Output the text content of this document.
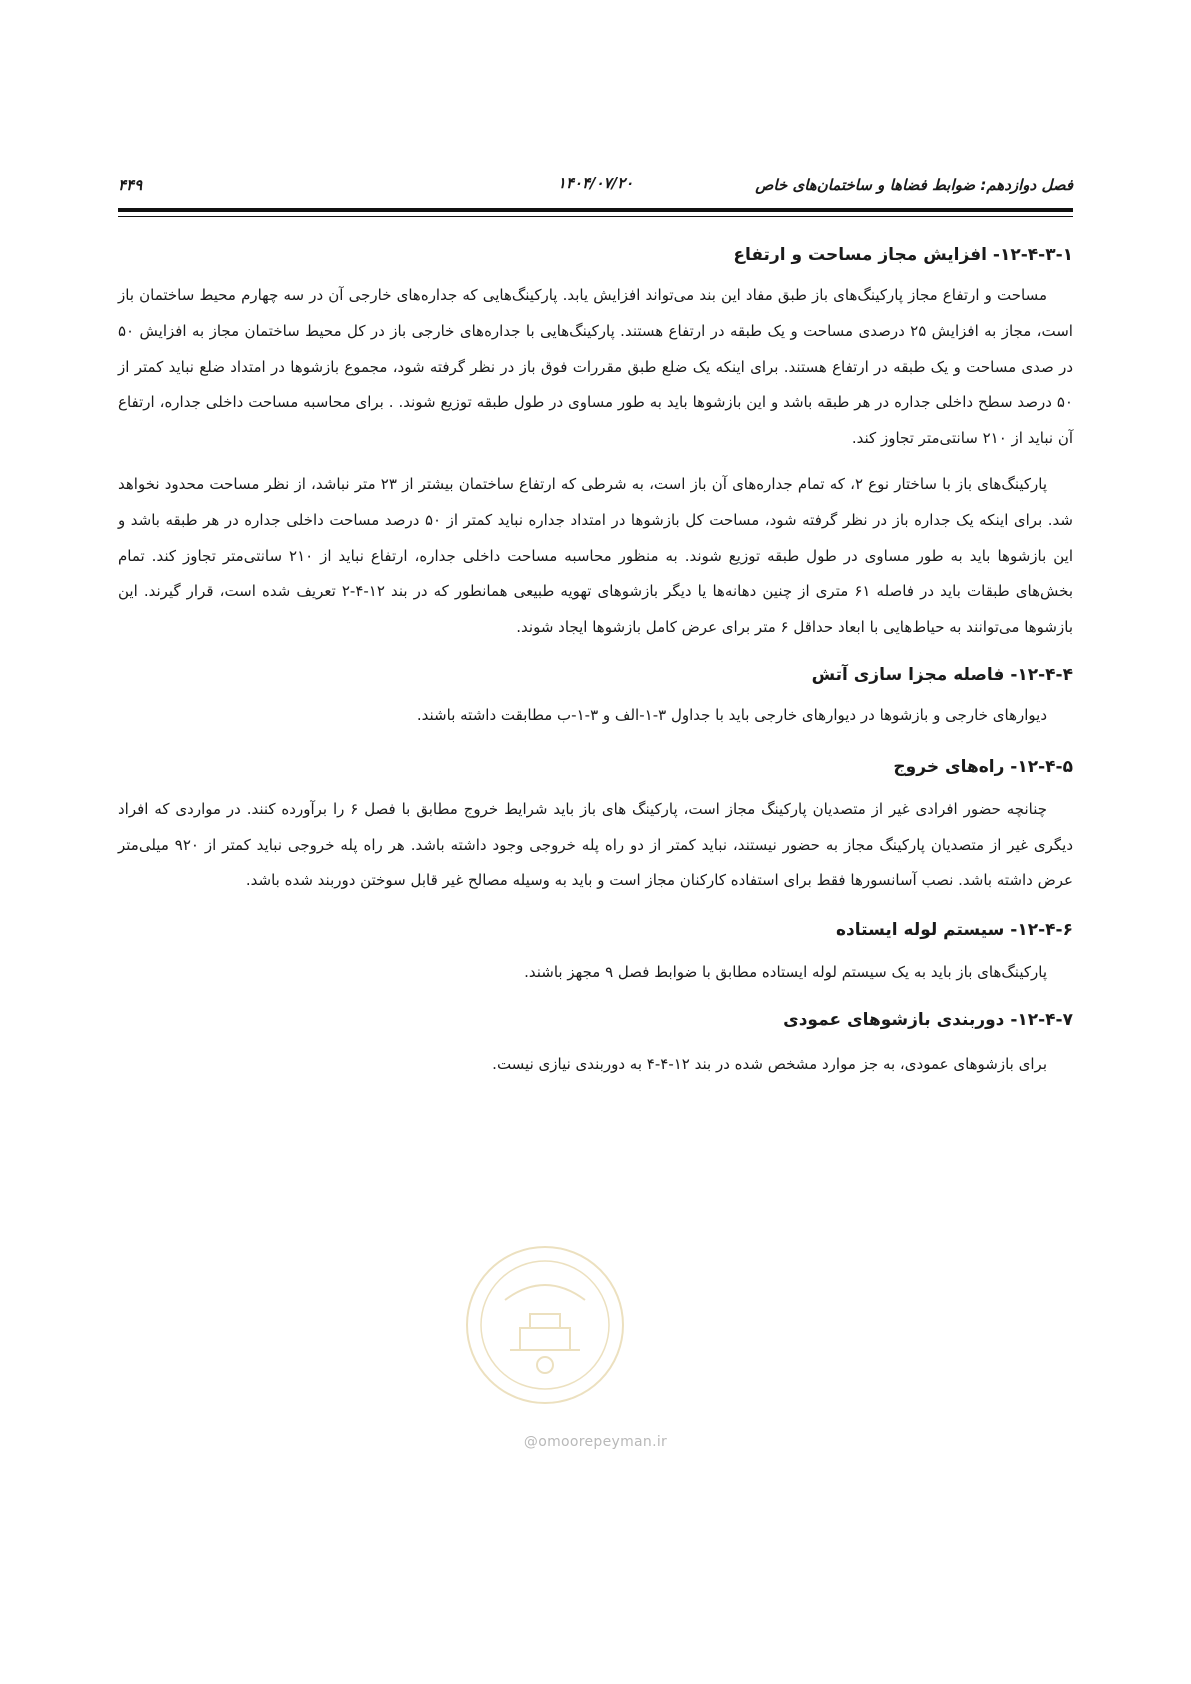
فصل دوازدهم: ضوابط فضاها و ساختمان‌های خاص
۱۴۰۴/۰۷/۲۰
۴۴۹
۱۲-۴-۳-۱- افزایش مجاز مساحت و ارتفاع

مساحت و ارتفاع مجاز پارکینگ‌های باز طبق مفاد این بند می‌تواند افزایش یابد. پارکینگ‌هایی که جداره‌های خارجی آن در سه چهارم محیط ساختمان باز است، مجاز به افزایش ۲۵ درصدی مساحت و یک طبقه در ارتفاع هستند. پارکینگ‌هایی با جداره‌های خارجی باز در کل محیط ساختمان مجاز به افزایش ۵۰ در صدی مساحت و یک طبقه در ارتفاع هستند. برای اینکه یک ضلع طبق مقررات فوق باز در نظر گرفته شود، مجموع بازشوها در امتداد ضلع نباید کمتر از ۵۰ درصد سطح داخلی جداره در هر طبقه باشد و این بازشوها باید به طور مساوی در طول طبقه توزیع شوند. . برای محاسبه مساحت داخلی جداره، ارتفاع آن نباید از ۲۱۰ سانتی‌متر تجاوز کند.

پارکینگ‌های باز با ساختار نوع ۲، که تمام جداره‌های آن باز است، به شرطی که ارتفاع ساختمان بیشتر از ۲۳ متر نباشد، از نظر مساحت محدود نخواهد شد. برای اینکه یک جداره باز در نظر گرفته شود، مساحت کل بازشوها در امتداد جداره نباید کمتر از ۵۰ درصد مساحت داخلی جداره در هر طبقه باشد و این بازشوها باید به طور مساوی در طول طبقه توزیع شوند. به منظور محاسبه مساحت داخلی جداره، ارتفاع نباید از ۲۱۰ سانتی‌متر تجاوز کند. تمام بخش‌های طبقات باید در فاصله ۶۱ متری از چنین دهانه‌ها یا دیگر بازشوهای تهویه طبیعی همانطور که در بند ۱۲-۴-۲ تعریف شده است، قرار گیرند. این بازشوها می‌توانند به حیاط‌هایی با ابعاد حداقل ۶ متر برای عرض کامل بازشوها ایجاد شوند.

۱۲-۴-۴- فاصله مجزا سازی آتش

دیوارهای خارجی و بازشوها در دیوارهای خارجی باید با جداول ۳-۱-الف و ۳-۱-ب مطابقت داشته باشند.

۱۲-۴-۵- راه‌های خروج

چنانچه حضور افرادی غیر از متصدیان پارکینگ مجاز است، پارکینگ های باز باید شرایط خروج مطابق با فصل ۶ را برآورده کنند. در مواردی که افراد دیگری غیر از متصدیان پارکینگ مجاز به حضور نیستند، نباید کمتر از دو راه پله خروجی وجود داشته باشد. هر راه پله خروجی نباید کمتر از ۹۲۰ میلی‌متر عرض داشته باشد. نصب آسانسورها فقط برای استفاده کارکنان مجاز است و باید به وسیله مصالح غیر قابل سوختن دوربند شده باشد.

۱۲-۴-۶- سیستم لوله ایستاده

پارکینگ‌های باز باید به یک سیستم لوله ایستاده مطابق با ضوابط فصل ۹ مجهز باشند.

۱۲-۴-۷- دوربندی بازشوهای عمودی

برای بازشوهای عمودی، به جز موارد مشخص شده در بند ۱۲-۴-۴ به دوربندی نیازی نیست.

@omoorepeyman.ir
